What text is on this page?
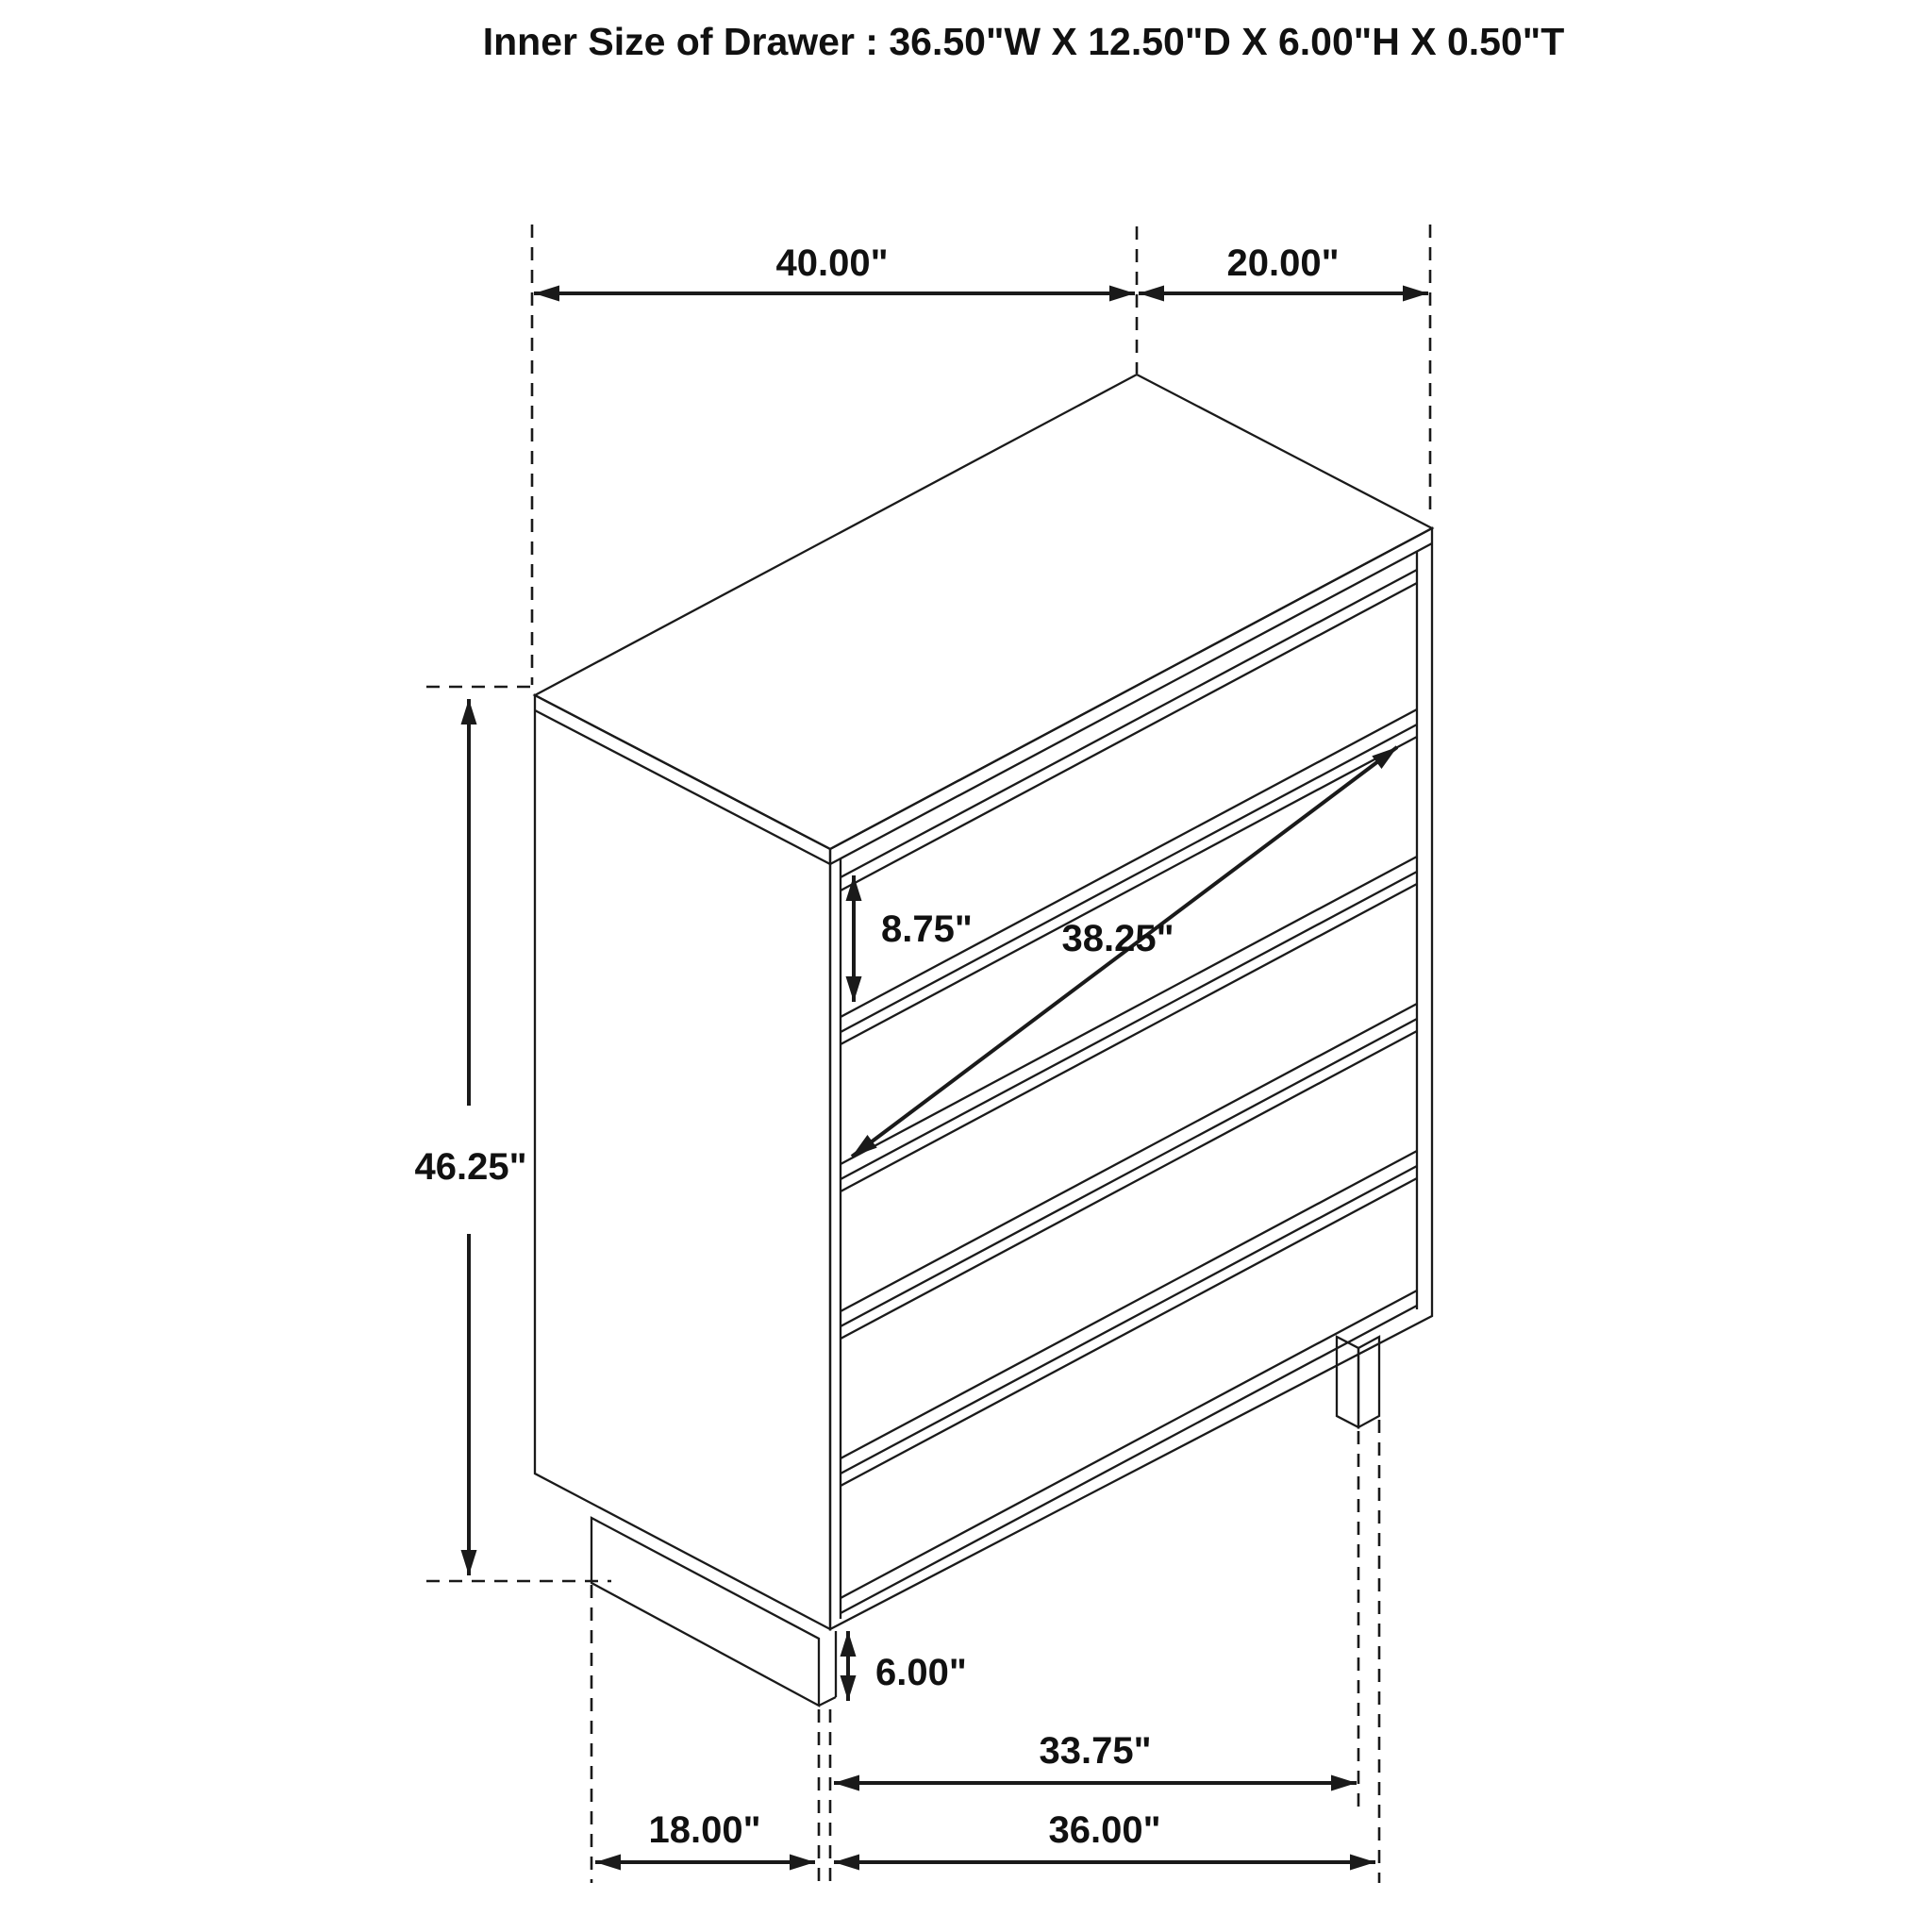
40.00"	20.00"
46.25"
8.75" 38.25"
6.00"
33.75"
36.00"
18.00"
Inner Size of Drawer : 36.50"W X 12.50"D X 6.00"H X 0.50"T
